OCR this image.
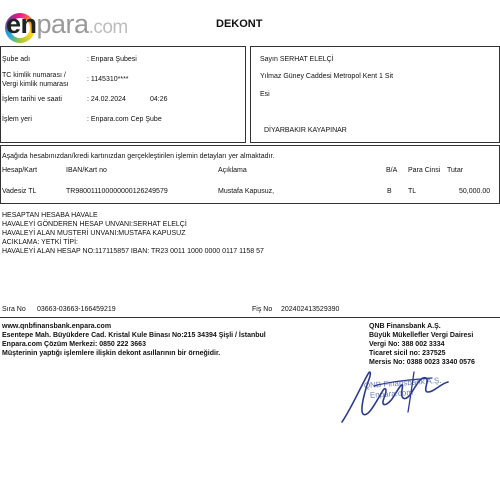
enpara.com	DEKONT
Şube adı	: Enpara Şubesi
TC kimlik numarası /
Vergi kimlik numarası
: 1145310****
İşlem tarihi ve saati	: 24.02.2024	04:26
İşlem yeri	: Enpara.com Cep Şube
Sayın SERHAT ELELÇİ
Yılmaz Güney Caddesi Metropol Kent 1 Sit
Esi
DİYARBAKIR KAYAPINAR
Aşağıda hesabınızdan/kredi kartınızdan gerçekleştirilen işlemin detayları yer almaktadır.
Hesap/Kart	IBAN/Kart no	Açıklama	B/A Para Cinsi Tutar
Vadesiz TL	TR980011100000000126249579	Mustafa Kapusuz,	B TL	50,000.00
HESAPTAN HESABA HAVALE
HAVALEYİ GÖNDEREN HESAP UNVANI:SERHAT ELELÇİ
HAVALEYİ ALAN MUSTERİ UNVANI:MUSTAFA KAPUSUZ
ACIKLAMA: YETKİ TİPİ:
HAVALEYİ ALAN HESAP NO:117115857 IBAN: TR23 0011 1000 0000 0117 1158 57
Sıra No 03663-03663-166459219	Fiş No 202402413529390
www.qnbfinansbank.enpara.com
Esentepe Mah. Büyükdere Cad. Kristal Kule Binası No:215 34394 Şişli / İstanbul
Enpara.com Çözüm Merkezi: 0850 222 3663
Müşterinin yaptığı işlemlere ilişkin dekont asıllarının bir örneğidir.
QNB Finansbank A.Ş.
Büyük Mükellefler Vergi Dairesi
Vergi No: 388 002 3334
Ticaret sicil no: 237525
Mersis No: 0388 0023 3340 0576
QNB Finansbank A.Ş.
Enpara.com
